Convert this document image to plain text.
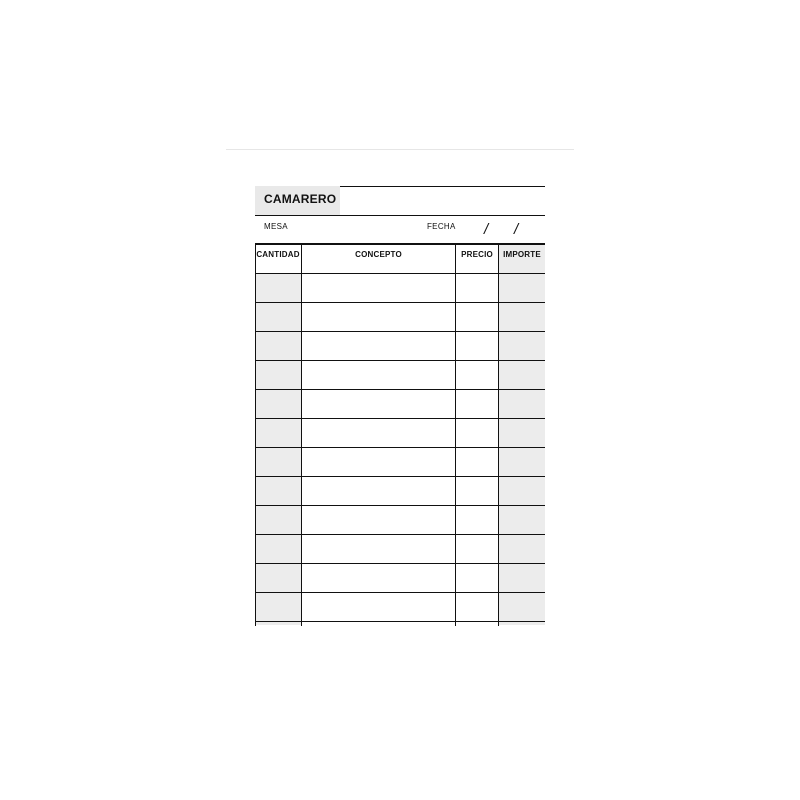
CAMARERO
MESA	FECHA / /
CANTIDAD	CONCEPTO	PRECIO	IMPORTE
